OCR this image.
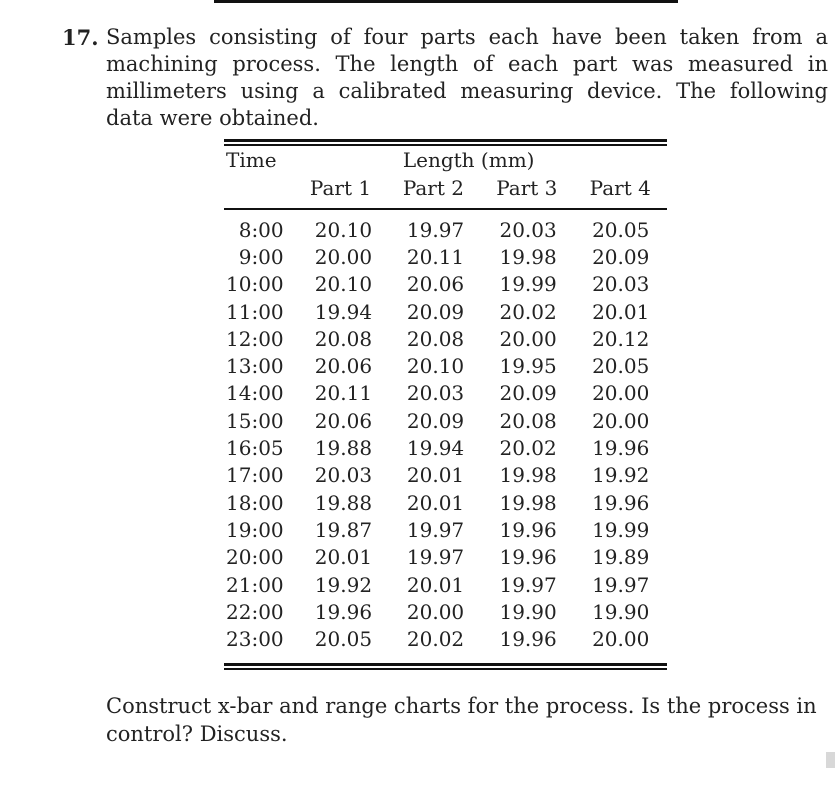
17. Samples consisting of four parts each have been taken from a machining process. The length of each part was measured in millimeters using a calibrated measuring device. The following data were obtained.
Time	Length (mm)			
	Part 1	Part 2	Part 3	Part 4
8:00	20.10	19.97	20.03	20.05
9:00	20.00	20.11	19.98	20.09
10:00	20.10	20.06	19.99	20.03
11:00	19.94	20.09	20.02	20.01
12:00	20.08	20.08	20.00	20.12
13:00	20.06	20.10	19.95	20.05
14:00	20.11	20.03	20.09	20.00
15:00	20.06	20.09	20.08	20.00
16:05	19.88	19.94	20.02	19.96
17:00	20.03	20.01	19.98	19.92
18:00	19.88	20.01	19.98	19.96
19:00	19.87	19.97	19.96	19.99
20:00	20.01	19.97	19.96	19.89
21:00	19.92	20.01	19.97	19.97
22:00	19.96	20.00	19.90	19.90
23:00	20.05	20.02	19.96	20.00
Construct x-bar and range charts for the process. Is the process in control? Discuss.
